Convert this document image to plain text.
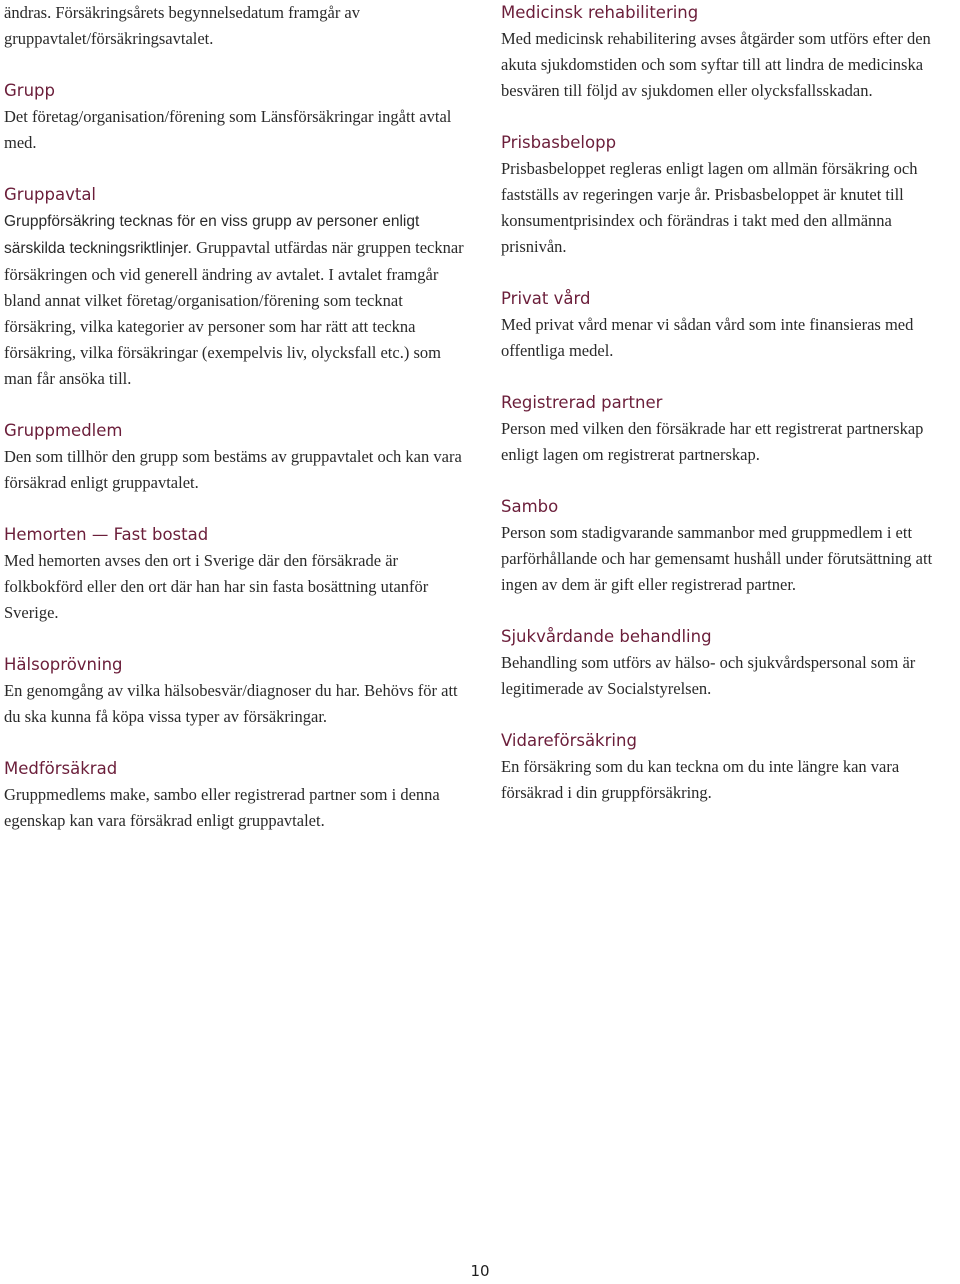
ändras. Försäkringsårets begynnelsedatum framgår av gruppavtalet/försäkringsavtalet.

Grupp

Det företag/organisation/förening som Länsförsäkringar ingått avtal med.

Gruppavtal

Gruppförsäkring tecknas för en viss grupp av personer enligt särskilda teckningsriktlinjer. Gruppavtal utfärdas när gruppen tecknar försäkringen och vid generell ändring av avtalet. I avtalet framgår bland annat vilket företag/organisation/förening som tecknat försäkring, vilka kategorier av personer som har rätt att teckna försäkring, vilka försäkringar (exempelvis liv, olycksfall etc.) som man får ansöka till.

Gruppmedlem

Den som tillhör den grupp som bestäms av gruppavtalet och kan vara försäkrad enligt gruppavtalet.

Hemorten — Fast bostad

Med hemorten avses den ort i Sverige där den försäkrade är folkbokförd eller den ort där han har sin fasta bosättning utanför Sverige.

Hälsoprövning

En genomgång av vilka hälsobesvär/diagnoser du har. Behövs för att du ska kunna få köpa vissa typer av försäkringar.

Medförsäkrad

Gruppmedlems make, sambo eller registrerad partner som i denna egenskap kan vara försäkrad enligt gruppavtalet.

Medicinsk rehabilitering

Med medicinsk rehabilitering avses åtgärder som utförs efter den akuta sjukdomstiden och som syftar till att lindra de medicinska besvären till följd av sjukdomen eller olycksfallsskadan.

Prisbasbelopp

Prisbasbeloppet regleras enligt lagen om allmän försäkring och fastställs av regeringen varje år. Prisbasbeloppet är knutet till konsumentprisindex och förändras i takt med den allmänna prisnivån.

Privat vård

Med privat vård menar vi sådan vård som inte finansieras med offentliga medel.

Registrerad partner

Person med vilken den försäkrade har ett registrerat partnerskap enligt lagen om registrerat partnerskap.

Sambo

Person som stadigvarande sammanbor med gruppmedlem i ett parförhållande och har gemensamt hushåll under förutsättning att ingen av dem är gift eller registrerad partner.

Sjukvårdande behandling

Behandling som utförs av hälso- och sjukvårdspersonal som är legitimerade av Socialstyrelsen.

Vidareförsäkring

En försäkring som du kan teckna om du inte längre kan vara försäkrad i din gruppförsäkring.

10
